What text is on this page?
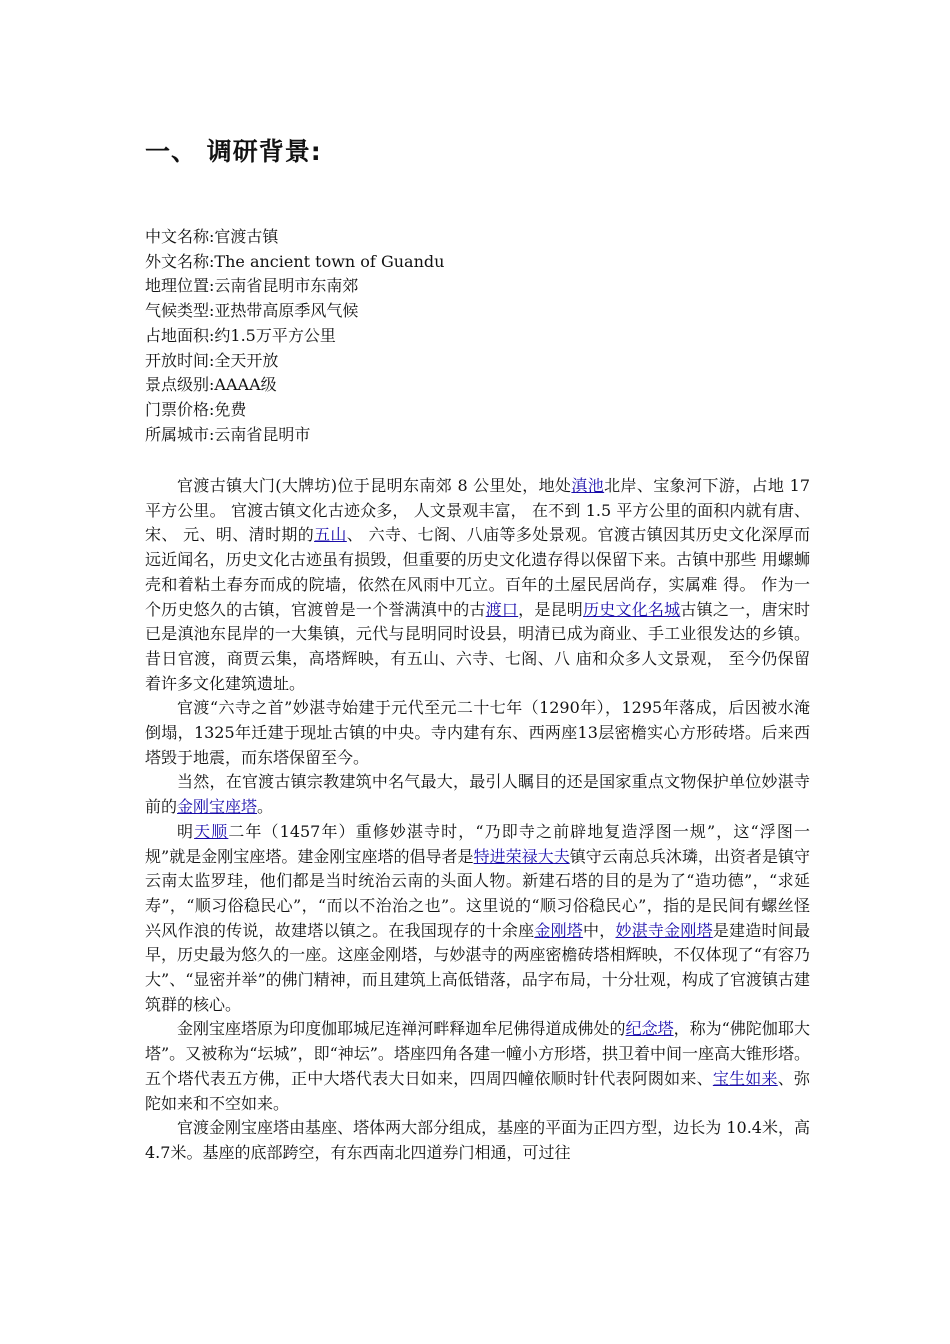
一、 调研背景:
中文名称:官渡古镇
外文名称:The ancient town of Guandu
地理位置:云南省昆明市东南郊
气候类型:亚热带高原季风气候
占地面积:约1.5万平方公里
开放时间:全天开放
景点级别:AAAA级
门票价格:免费
所属城市:云南省昆明市

官渡古镇大门(大牌坊)位于昆明东南郊 8 公里处，地处滇池北岸、宝象河下游，占地 17 平方公里。 官渡古镇文化古迹众多， 人文景观丰富， 在不到 1.5 平方公里的面积内就有唐、 宋、 元、明、清时期的五山、 六寺、七阁、八庙等多处景观。官渡古镇因其历史文化深厚而 远近闻名，历史文化古迹虽有损毁，但重要的历史文化遗存得以保留下来。古镇中那些 用螺蛳壳和着粘土春夯而成的院墙，依然在风雨中兀立。百年的土屋民居尚存，实属难 得。 作为一个历史悠久的古镇，官渡曾是一个誉满滇中的古渡口，是昆明历史文化名城古镇之一，唐宋时已是滇池东昆岸的一大集镇，元代与昆明同时设县，明清已成为商业、手工业很发达的乡镇。昔日官渡，商贾云集，高塔辉映，有五山、六寺、七阁、八 庙和众多人文景观， 至今仍保留着许多文化建筑遗址。

官渡“六寺之首”妙湛寺始建于元代至元二十七年（1290年），1295年落成，后因被水淹倒塌，1325年迁建于现址古镇的中央。寺内建有东、西两座13层密檐实心方形砖塔。后来西塔毁于地震，而东塔保留至今。

当然，在官渡古镇宗教建筑中名气最大，最引人瞩目的还是国家重点文物保护单位妙湛寺前的金刚宝座塔。

明天顺二年（1457年）重修妙湛寺时，“乃即寺之前辟地复造浮图一规”，这“浮图一规”就是金刚宝座塔。建金刚宝座塔的倡导者是特进荣禄大夫镇守云南总兵沐璘，出资者是镇守云南太监罗珪，他们都是当时统治云南的头面人物。新建石塔的目的是为了“造功德”，“求延寿”，“顺习俗稳民心”，“而以不治治之也”。这里说的“顺习俗稳民心”，指的是民间有螺丝怪兴风作浪的传说，故建塔以镇之。在我国现存的十余座金刚塔中，妙湛寺金刚塔是建造时间最早，历史最为悠久的一座。这座金刚塔，与妙湛寺的两座密檐砖塔相辉映，不仅体现了“有容乃大”、“显密并举”的佛门精神，而且建筑上高低错落，品字布局，十分壮观，构成了官渡镇古建筑群的核心。

金刚宝座塔原为印度伽耶城尼连禅河畔释迦牟尼佛得道成佛处的纪念塔，称为“佛陀伽耶大塔”。又被称为“坛城”，即“神坛”。塔座四角各建一幢小方形塔，拱卫着中间一座高大锥形塔。五个塔代表五方佛，正中大塔代表大日如来，四周四幢依顺时针代表阿閦如来、宝生如来、弥陀如来和不空如来。

官渡金刚宝座塔由基座、塔体两大部分组成，基座的平面为正四方型，边长为 10.4米，高4.7米。基座的底部跨空，有东西南北四道券门相通，可过往
